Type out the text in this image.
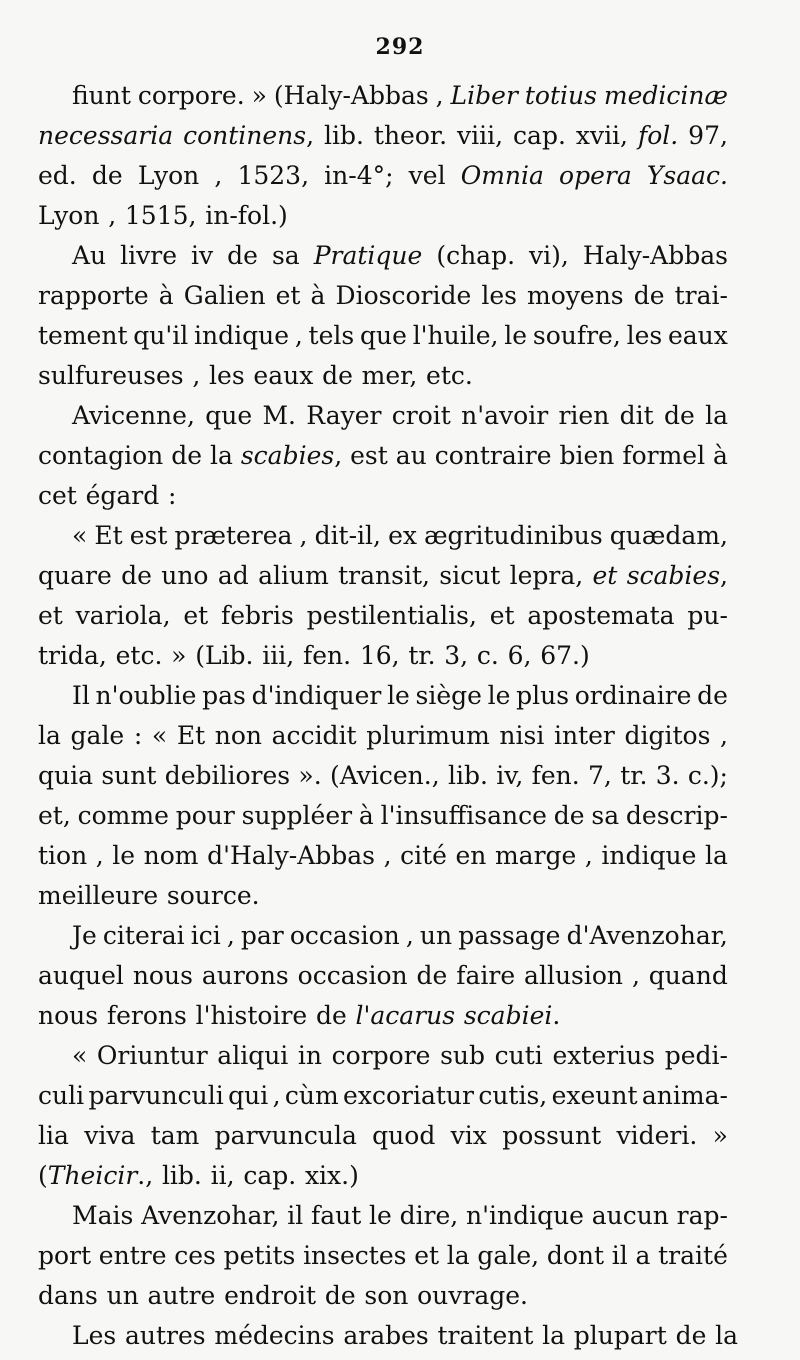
292
fiunt corpore. » (Haly-Abbas , Liber totius medicinæ
necessaria continens, lib. theor. viii, cap. xvii, fol. 97,
ed. de Lyon , 1523, in-4°; vel Omnia opera Ysaac.
Lyon , 1515, in-fol.)
Au livre iv de sa Pratique (chap. vi), Haly-Abbas
rapporte à Galien et à Dioscoride les moyens de trai-
tement qu'il indique , tels que l'huile, le soufre, les eaux
sulfureuses , les eaux de mer, etc.
Avicenne, que M. Rayer croit n'avoir rien dit de la
contagion de la scabies, est au contraire bien formel à
cet égard :
« Et est præterea , dit-il, ex ægritudinibus quædam,
quare de uno ad alium transit, sicut lepra, et scabies,
et variola, et febris pestilentialis, et apostemata pu-
trida, etc. » (Lib. iii, fen. 16, tr. 3, c. 6, 67.)
Il n'oublie pas d'indiquer le siège le plus ordinaire de
la gale : « Et non accidit plurimum nisi inter digitos ,
quia sunt debiliores ». (Avicen., lib. iv, fen. 7, tr. 3. c.);
et, comme pour suppléer à l'insuffisance de sa descrip-
tion , le nom d'Haly-Abbas , cité en marge , indique la
meilleure source.
Je citerai ici , par occasion , un passage d'Avenzohar,
auquel nous aurons occasion de faire allusion , quand
nous ferons l'histoire de l'acarus scabiei.
« Oriuntur aliqui in corpore sub cuti exterius pedi-
culi parvunculi qui , cùm excoriatur cutis, exeunt anima-
lia viva tam parvuncula quod vix possunt videri. »
(Theicir., lib. ii, cap. xix.)
Mais Avenzohar, il faut le dire, n'indique aucun rap-
port entre ces petits insectes et la gale, dont il a traité
dans un autre endroit de son ouvrage.
Les autres médecins arabes traitent la plupart de la
